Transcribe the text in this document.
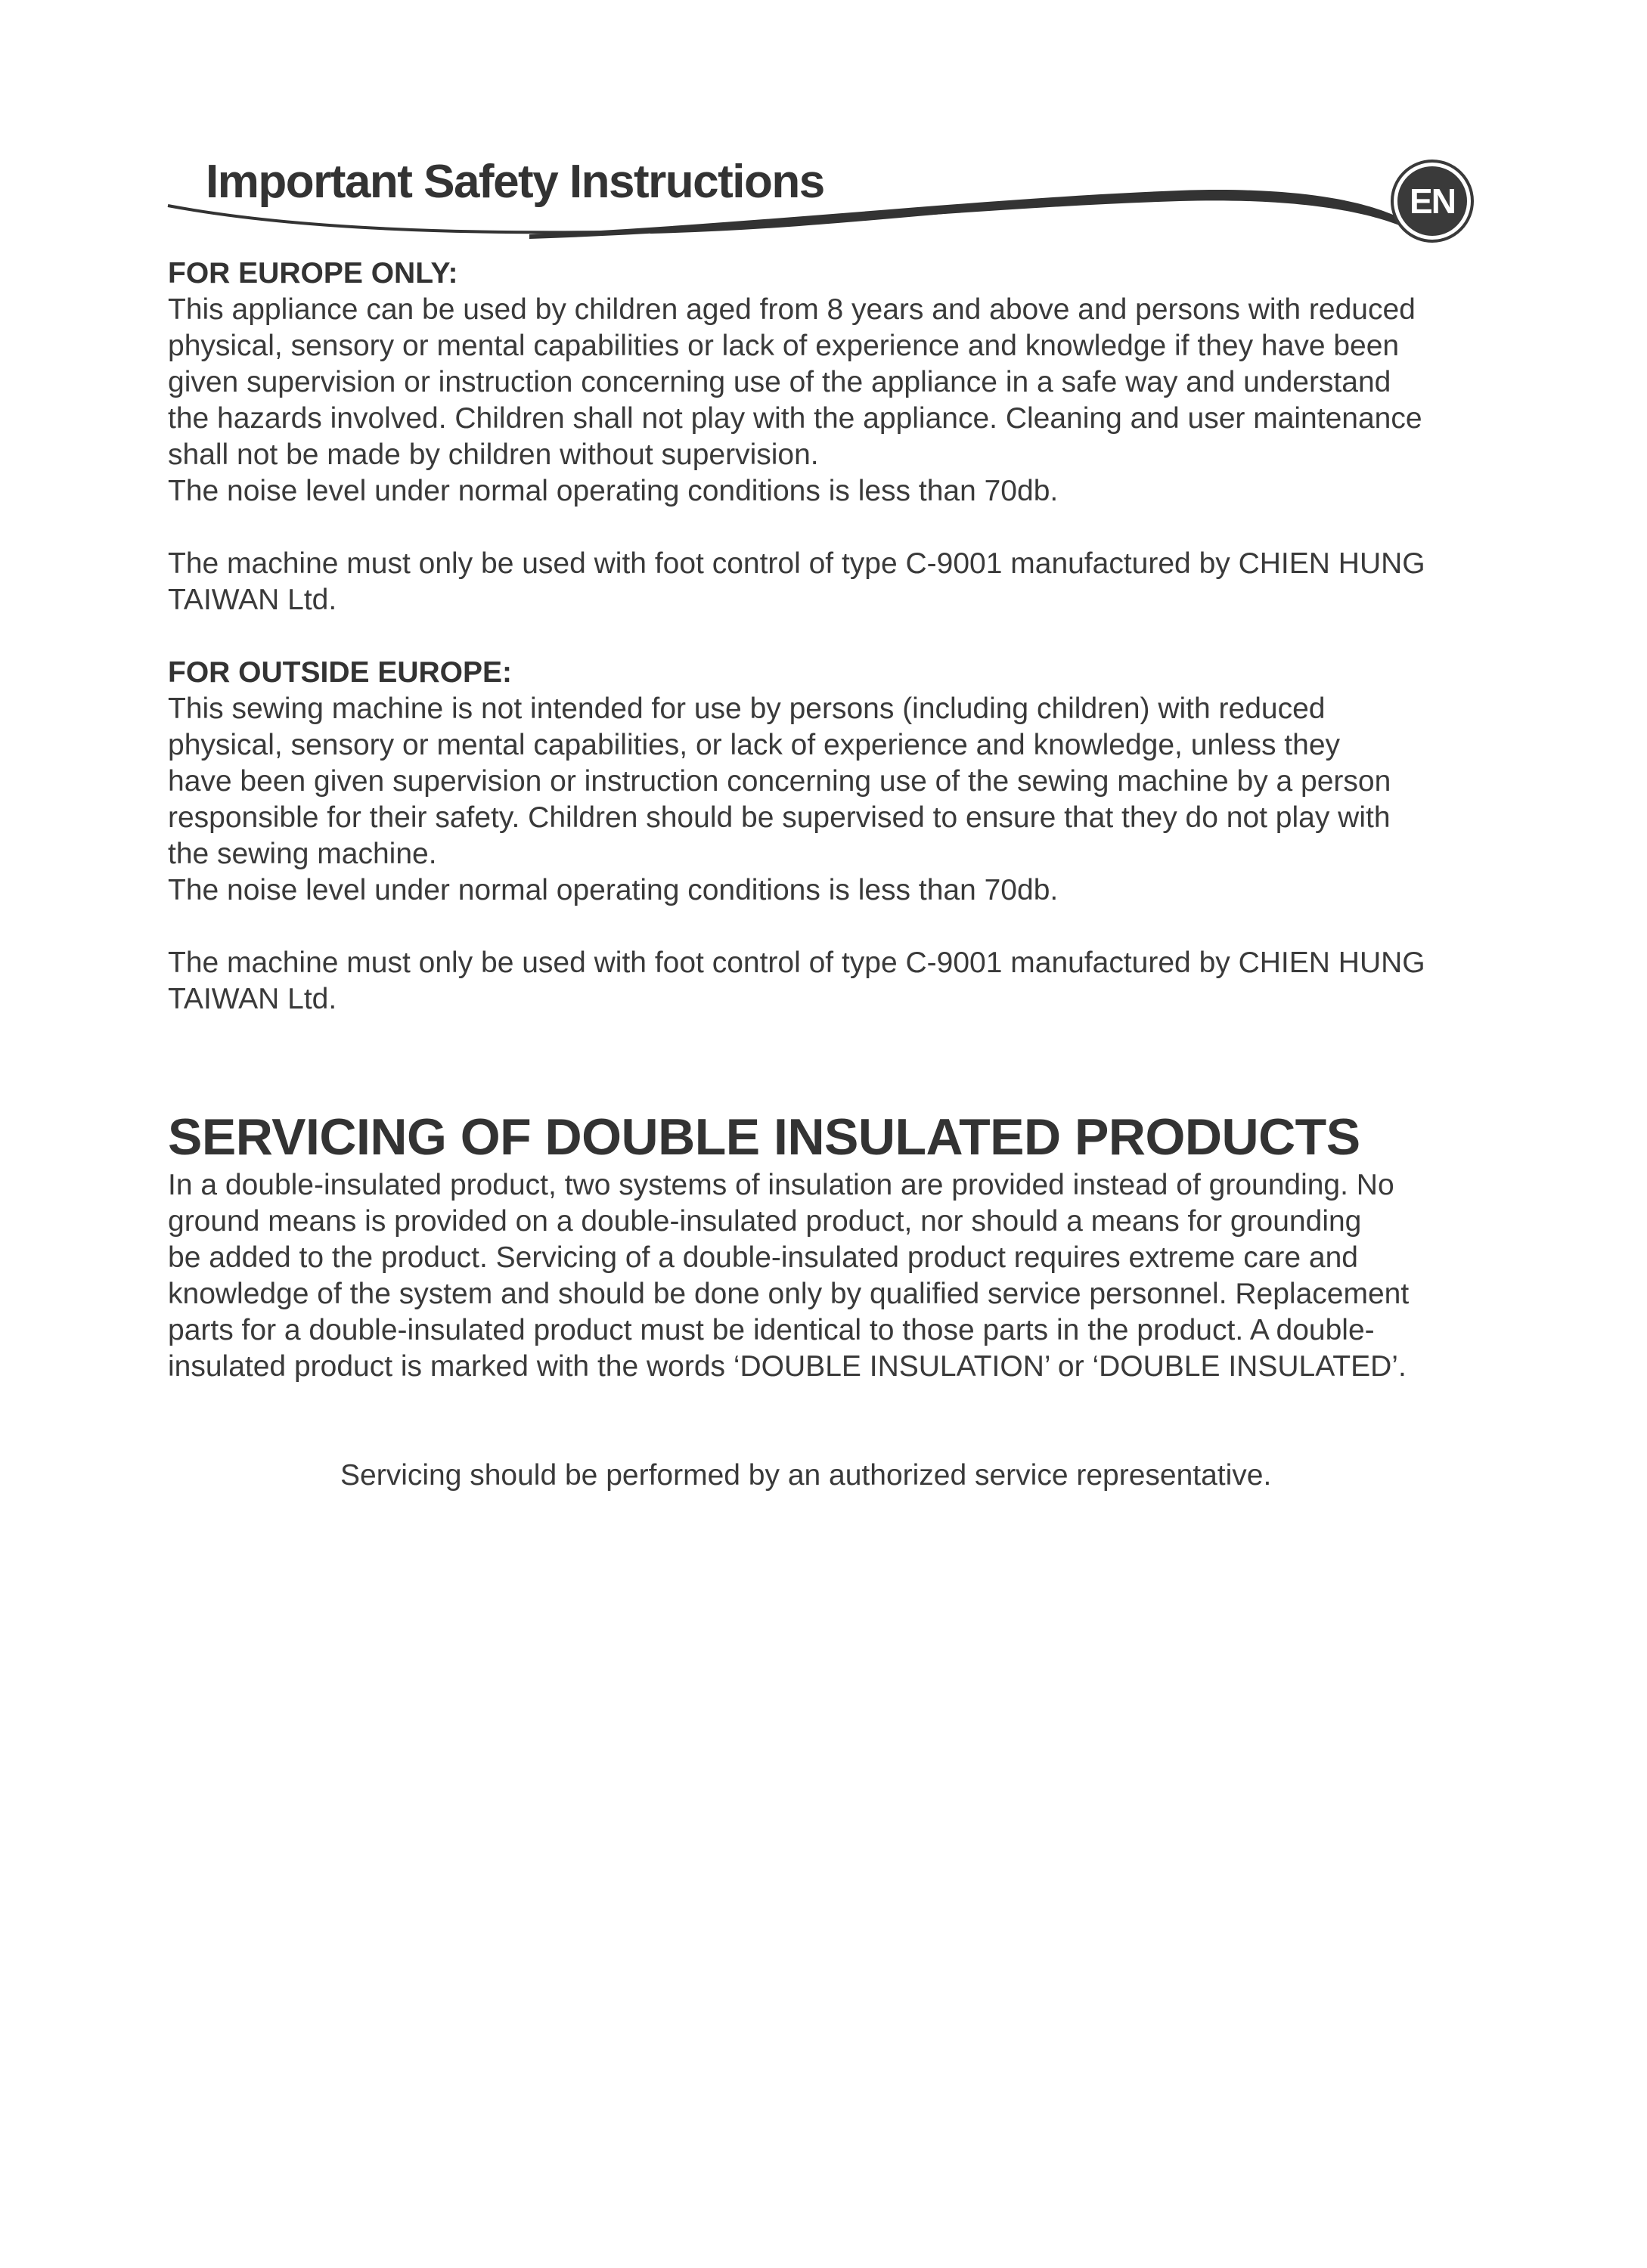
Important Safety Instructions	EN
FOR EUROPE ONLY:

This appliance can be used by children aged from 8 years and above and persons with reduced
physical, sensory or mental capabilities or lack of experience and knowledge if they have been
given supervision or instruction concerning use of the appliance in a safe way and understand
the hazards involved. Children shall not play with the appliance. Cleaning and user maintenance
shall not be made by children without supervision.
The noise level under normal operating conditions is less than 70db.

The machine must only be used with foot control of type C-9001 manufactured by CHIEN HUNG
TAIWAN Ltd.

FOR OUTSIDE EUROPE:

This sewing machine is not intended for use by persons (including children) with reduced
physical, sensory or mental capabilities, or lack of experience and knowledge, unless they
have been given supervision or instruction concerning use of the sewing machine by a person
responsible for their safety. Children should be supervised to ensure that they do not play with
the sewing machine.
The noise level under normal operating conditions is less than 70db.

The machine must only be used with foot control of type C-9001 manufactured by CHIEN HUNG
TAIWAN Ltd.

SERVICING OF DOUBLE INSULATED PRODUCTS

In a double-insulated product, two systems of insulation are provided instead of grounding. No
ground means is provided on a double-insulated product, nor should a means for grounding
be added to the product. Servicing of a double-insulated product requires extreme care and
knowledge of the system and should be done only by qualified service personnel. Replacement
parts for a double-insulated product must be identical to those parts in the product. A double-
insulated product is marked with the words ‘DOUBLE INSULATION’ or ‘DOUBLE INSULATED’.

Servicing should be performed by an authorized service representative.
